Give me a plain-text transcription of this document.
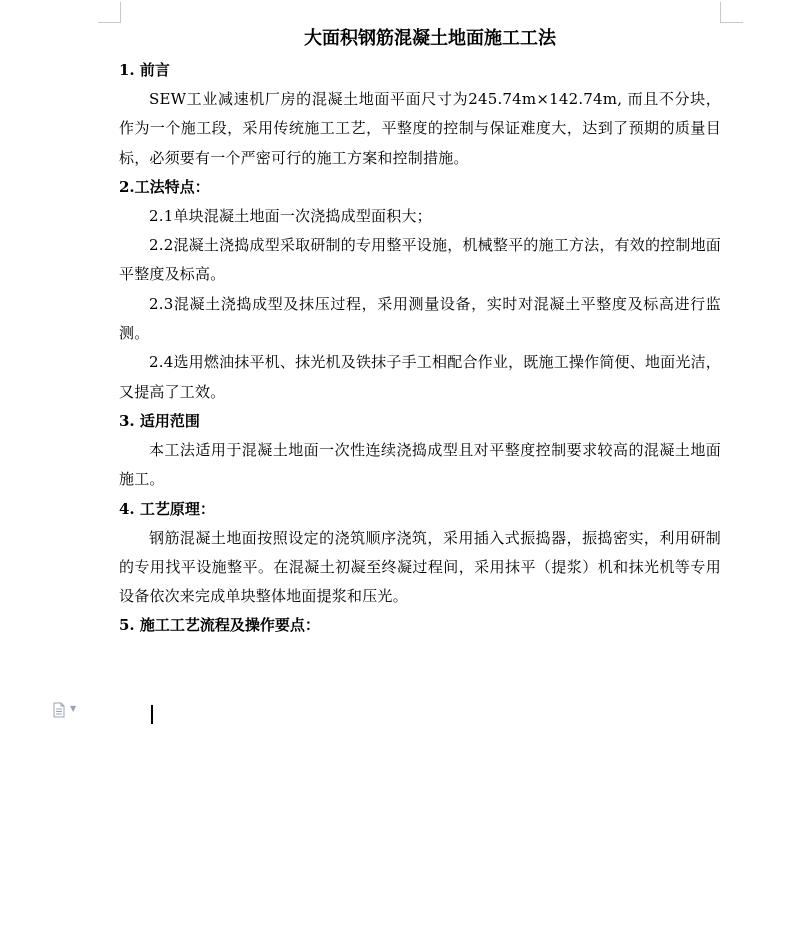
大面积钢筋混凝土地面施工工法

1. 前言

SEW工业减速机厂房的混凝土地面平面尺寸为245.74m×142.74m, 而且不分块，作为一个施工段，采用传统施工工艺，平整度的控制与保证难度大，达到了预期的质量目标，必须要有一个严密可行的施工方案和控制措施。

2.工法特点：

2.1单块混凝土地面一次浇捣成型面积大；

2.2混凝土浇捣成型采取研制的专用整平设施，机械整平的施工方法，有效的控制地面平整度及标高。

2.3混凝土浇捣成型及抹压过程，采用测量设备，实时对混凝土平整度及标高进行监测。

2.4选用燃油抹平机、抹光机及铁抹子手工相配合作业，既施工操作简便、地面光洁，又提高了工效。

3. 适用范围

本工法适用于混凝土地面一次性连续浇捣成型且对平整度控制要求较高的混凝土地面施工。

4. 工艺原理：

钢筋混凝土地面按照设定的浇筑顺序浇筑，采用插入式振捣器，振捣密实，利用研制的专用找平设施整平。在混凝土初凝至终凝过程间，采用抹平（提浆）机和抹光机等专用设备依次来完成单块整体地面提浆和压光。

5. 施工工艺流程及操作要点：

▼
